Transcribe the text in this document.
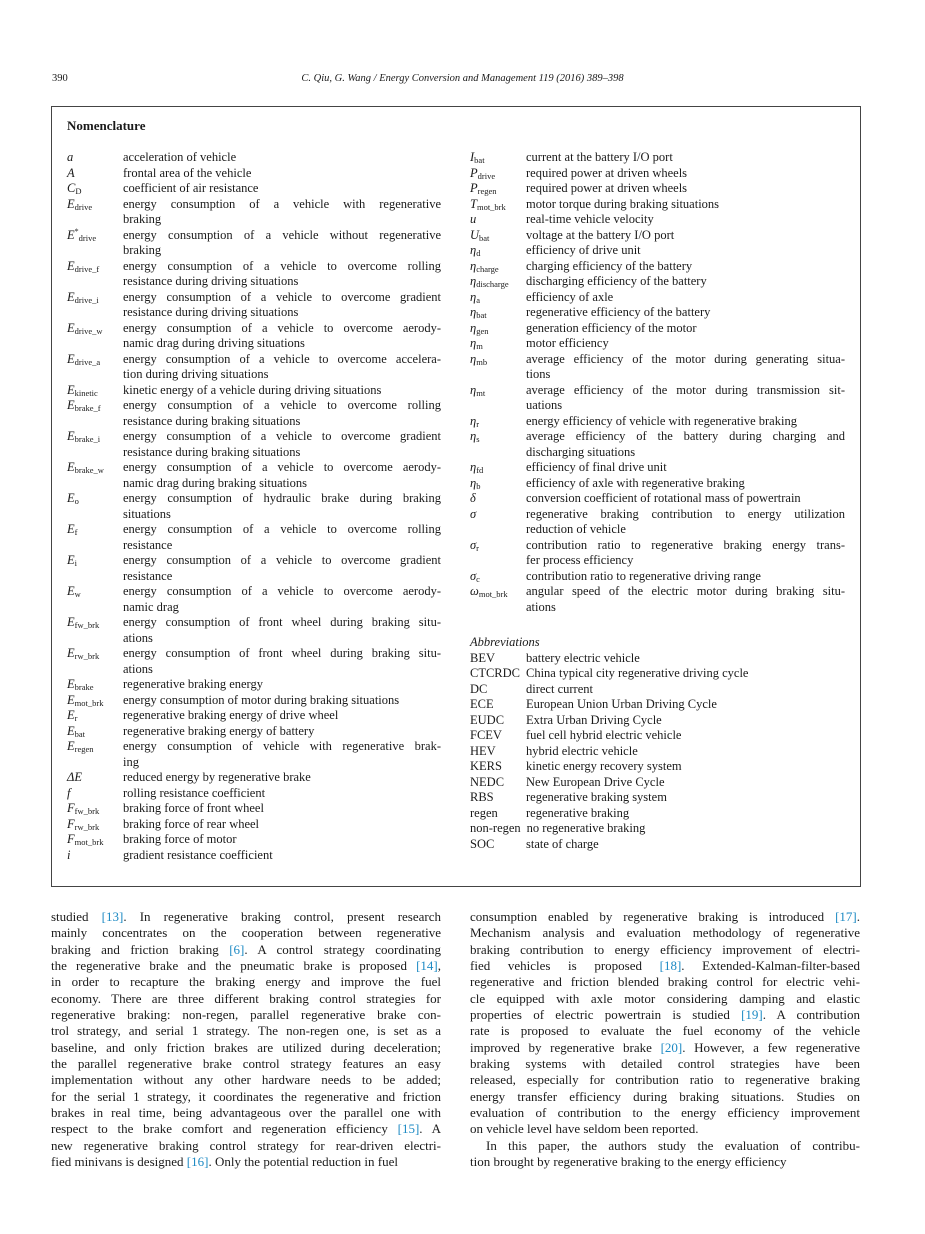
390	C. Qiu, G. Wang / Energy Conversion and Management 119 (2016) 389–398
Nomenclature
a	acceleration of vehicle
A	frontal area of the vehicle
$C_D$	coefficient of air resistance
$E_{drive}$	energy consumption of a vehicle with regenerative
braking
$E^*_{drive}$	energy consumption of a vehicle without regenerative
braking
$E_{drive\_f}$	energy consumption of a vehicle to overcome rolling
resistance during driving situations
$E_{drive\_i}$	energy consumption of a vehicle to overcome gradient
resistance during driving situations
$E_{drive\_w}$	energy consumption of a vehicle to overcome aerody-
namic drag during driving situations
$E_{drive\_a}$	energy consumption of a vehicle to overcome accelera-
tion during driving situations
$E_{kinetic}$	kinetic energy of a vehicle during driving situations
$E_{brake\_f}$	energy consumption of a vehicle to overcome rolling
resistance during braking situations
$E_{brake\_i}$	energy consumption of a vehicle to overcome gradient
resistance during braking situations
$E_{brake\_w}$	energy consumption of a vehicle to overcome aerody-
namic drag during braking situations
$E_o$	energy consumption of hydraulic brake during braking
situations
$E_f$	energy consumption of a vehicle to overcome rolling
resistance
$E_i$	energy consumption of a vehicle to overcome gradient
resistance
$E_w$	energy consumption of a vehicle to overcome aerody-
namic drag
$E_{fw\_brk}$	energy consumption of front wheel during braking situ-
ations
$E_{rw\_brk}$	energy consumption of front wheel during braking situ-
ations
$E_{brake}$	regenerative braking energy
$E_{mot\_brk}$	energy consumption of motor during braking situations
$E_r$	regenerative braking energy of drive wheel
$E_{bat}$	regenerative braking energy of battery
$E_{regen}$	energy consumption of vehicle with regenerative brak-
ing
ΔE	reduced energy by regenerative brake
f	rolling resistance coefficient
$F_{fw\_brk}$	braking force of front wheel
$F_{rw\_brk}$	braking force of rear wheel
$F_{mot\_brk}$	braking force of motor
i	gradient resistance coefficient
$I_{bat}$	current at the battery I/O port
$P_{drive}$	required power at driven wheels
$P_{regen}$	required power at driven wheels
$T_{mot\_brk}$	motor torque during braking situations
u	real-time vehicle velocity
$U_{bat}$	voltage at the battery I/O port
$\eta_d$	efficiency of drive unit
$\eta_{charge}$	charging efficiency of the battery
$\eta_{discharge}$	discharging efficiency of the battery
$\eta_a$	efficiency of axle
$\eta_{bat}$	regenerative efficiency of the battery
$\eta_{gen}$	generation efficiency of the motor
$\eta_m$	motor efficiency
$\eta_{mb}$	average efficiency of the motor during generating situa-
tions
$\eta_{mt}$	average efficiency of the motor during transmission sit-
uations
$\eta_r$	energy efficiency of vehicle with regenerative braking
$\eta_s$	average efficiency of the battery during charging and
discharging situations
$\eta_{fd}$	efficiency of final drive unit
$\eta_b$	efficiency of axle with regenerative braking
δ	conversion coefficient of rotational mass of powertrain
σ	regenerative braking contribution to energy utilization
reduction of vehicle
$\sigma_r$	contribution ratio to regenerative braking energy trans-
fer process efficiency
$\sigma_c$	contribution ratio to regenerative driving range
$\omega_{mot\_brk}$	angular speed of the electric motor during braking situ-
ations
Abbreviations
BEV	battery electric vehicle
CTCRDC China typical city regenerative driving cycle
DC	direct current
ECE	European Union Urban Driving Cycle
EUDC	Extra Urban Driving Cycle
FCEV	fuel cell hybrid electric vehicle
HEV	hybrid electric vehicle
KERS	kinetic energy recovery system
NEDC	New European Drive Cycle
RBS	regenerative braking system
regen	regenerative braking
non-regen no regenerative braking
SOC	state of charge
studied [13]. In regenerative braking control, present research
mainly concentrates on the cooperation between regenerative
braking and friction braking [6]. A control strategy coordinating
the regenerative brake and the pneumatic brake is proposed [14],
in order to recapture the braking energy and improve the fuel
economy. There are three different braking control strategies for
regenerative braking: non-regen, parallel regenerative brake con-
trol strategy, and serial 1 strategy. The non-regen one, is set as a
baseline, and only friction brakes are utilized during deceleration;
the parallel regenerative brake control strategy features an easy
implementation without any other hardware needs to be added;
for the serial 1 strategy, it coordinates the regenerative and friction
brakes in real time, being advantageous over the parallel one with
respect to the brake comfort and regeneration efficiency [15]. A
new regenerative braking control strategy for rear-driven electri-
fied minivans is designed [16]. Only the potential reduction in fuel
consumption enabled by regenerative braking is introduced [17].
Mechanism analysis and evaluation methodology of regenerative
braking contribution to energy efficiency improvement of electri-
fied vehicles is proposed [18]. Extended-Kalman-filter-based
regenerative and friction blended braking control for electric vehi-
cle equipped with axle motor considering damping and elastic
properties of electric powertrain is studied [19]. A contribution
rate is proposed to evaluate the fuel economy of the vehicle
improved by regenerative brake [20]. However, a few regenerative
braking systems with detailed control strategies have been
released, especially for contribution ratio to regenerative braking
energy transfer efficiency during braking situations. Studies on
evaluation of contribution to the energy efficiency improvement
on vehicle level have seldom been reported.
In this paper, the authors study the evaluation of contribu-
tion brought by regenerative braking to the energy efficiency
